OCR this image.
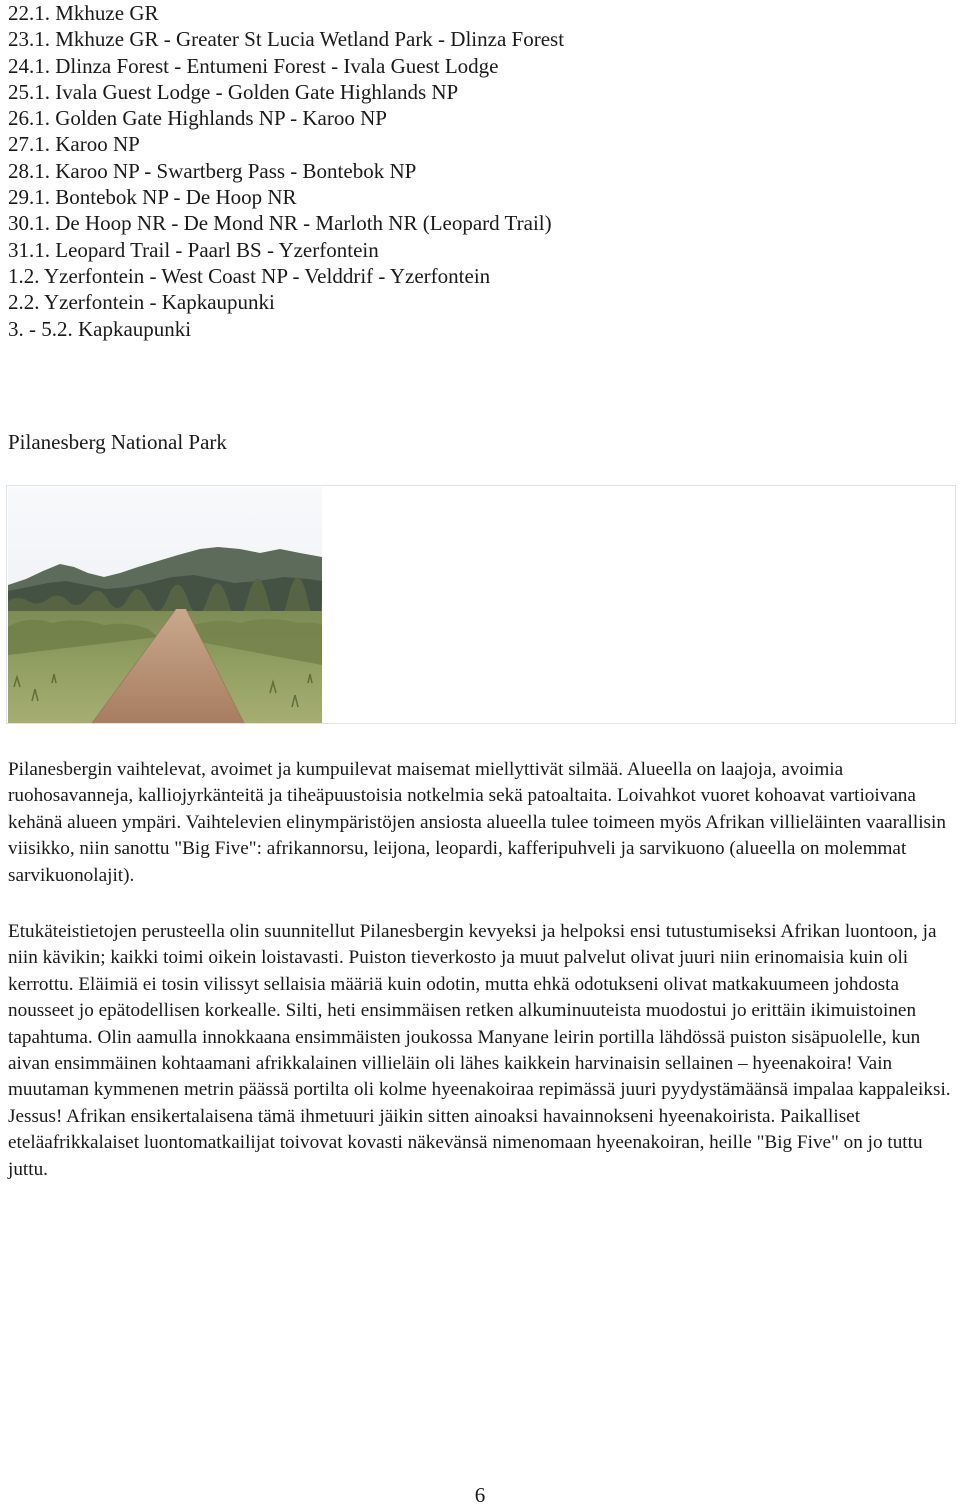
22.1. Mkhuze GR
23.1. Mkhuze GR - Greater St Lucia Wetland Park - Dlinza Forest
24.1. Dlinza Forest - Entumeni Forest - Ivala Guest Lodge
25.1. Ivala Guest Lodge - Golden Gate Highlands NP
26.1. Golden Gate Highlands NP - Karoo NP
27.1. Karoo NP
28.1. Karoo NP - Swartberg Pass - Bontebok NP
29.1. Bontebok NP - De Hoop NR
30.1. De Hoop NR - De Mond NR - Marloth NR (Leopard Trail)
31.1. Leopard Trail - Paarl BS - Yzerfontein
1.2. Yzerfontein - West Coast NP - Velddrif - Yzerfontein
2.2. Yzerfontein - Kapkaupunki
3. - 5.2. Kapkaupunki
Pilanesberg National Park

Pilanesbergin vaihtelevat, avoimet ja kumpuilevat maisemat miellyttivät silmää. Alueella on laajoja, avoimia ruohosavanneja, kalliojyrkänteitä ja tiheäpuustoisia notkelmia sekä patoaltaita. Loivahkot vuoret kohoavat vartioivana kehänä alueen ympäri. Vaihtelevien elinympäristöjen ansiosta alueella tulee toimeen myös Afrikan villieläinten vaarallisin viisikko, niin sanottu "Big Five": afrikannorsu, leijona, leopardi, kafferipuhveli ja sarvikuono (alueella on molemmat sarvikuonolajit).

Etukäteistietojen perusteella olin suunnitellut Pilanesbergin kevyeksi ja helpoksi ensi tutustumiseksi Afrikan luontoon, ja niin kävikin; kaikki toimi oikein loistavasti. Puiston tieverkosto ja muut palvelut olivat juuri niin erinomaisia kuin oli kerrottu. Eläimiä ei tosin vilissyt sellaisia määriä kuin odotin, mutta ehkä odotukseni olivat matkakuumeen johdosta nousseet jo epätodellisen korkealle. Silti, heti ensimmäisen retken alkuminuuteista muodostui jo erittäin ikimuistoinen tapahtuma. Olin aamulla innokkaana ensimmäisten joukossa Manyane leirin portilla lähdössä puiston sisäpuolelle, kun aivan ensimmäinen kohtaamani afrikkalainen villieläin oli lähes kaikkein harvinaisin sellainen – hyeenakoira! Vain muutaman kymmenen metrin päässä portilta oli kolme hyeenakoiraa repimässä juuri pyydystämäänsä impalaa kappaleiksi. Jessus! Afrikan ensikertalaisena tämä ihmetuuri jäikin sitten ainoaksi havainnokseni hyeenakoirista. Paikalliset eteläafrikkalaiset luontomatkailijat toivovat kovasti näkevänsä nimenomaan hyeenakoiran, heille "Big Five" on jo tuttu juttu.

6
